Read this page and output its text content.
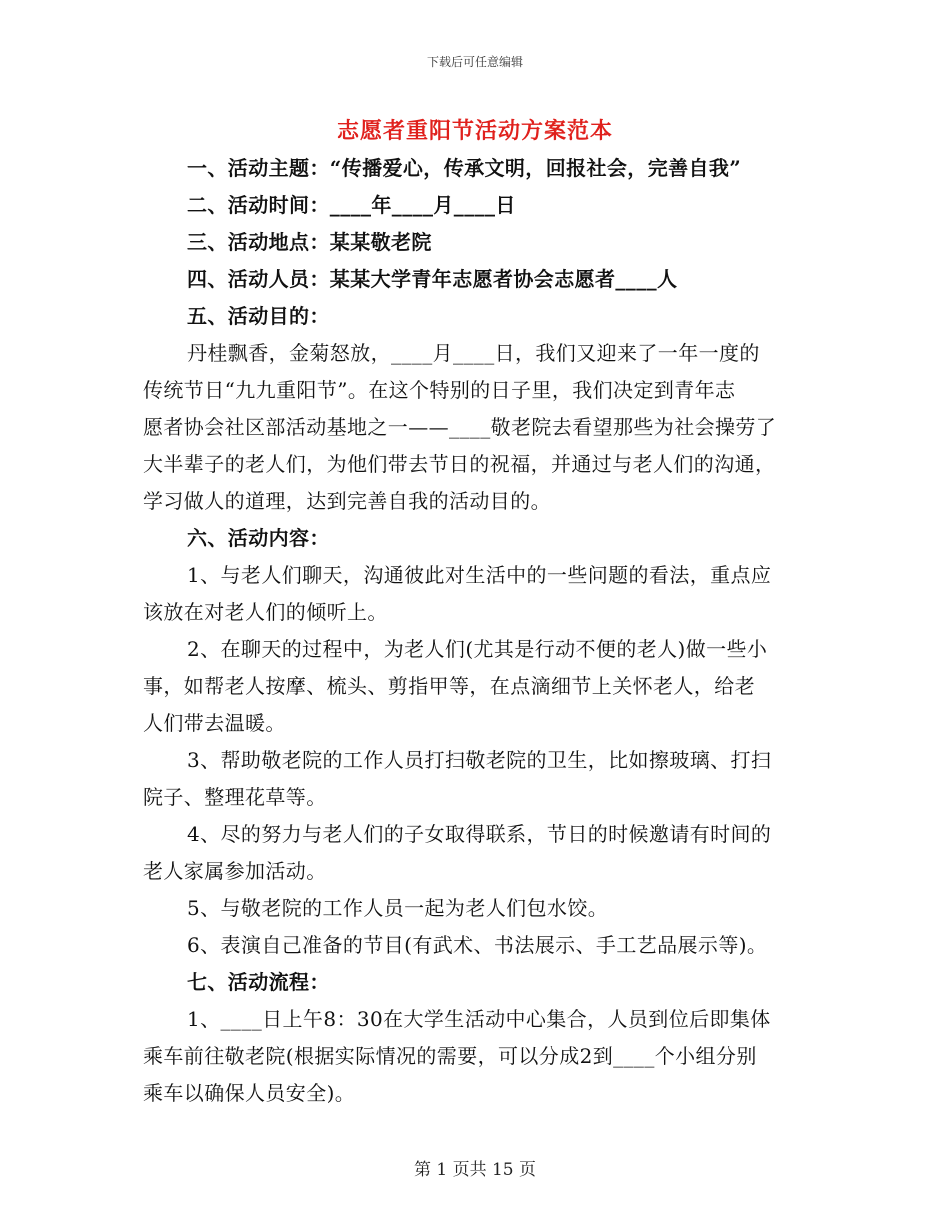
下载后可任意编辑
志愿者重阳节活动方案范本
一、活动主题：“传播爱心，传承文明，回报社会，完善自我”
二、活动时间：____年____月____日
三、活动地点：某某敬老院
四、活动人员：某某大学青年志愿者协会志愿者____人
五、活动目的：
丹桂飘香，金菊怒放，____月____日，我们又迎来了一年一度的
传统节日“九九重阳节”。在这个特别的日子里，我们决定到青年志
愿者协会社区部活动基地之一——____敬老院去看望那些为社会操劳了
大半辈子的老人们，为他们带去节日的祝福，并通过与老人们的沟通，
学习做人的道理，达到完善自我的活动目的。
六、活动内容：
1、与老人们聊天，沟通彼此对生活中的一些问题的看法，重点应
该放在对老人们的倾听上。
2、在聊天的过程中，为老人们(尤其是行动不便的老人)做一些小
事，如帮老人按摩、梳头、剪指甲等，在点滴细节上关怀老人，给老
人们带去温暖。
3、帮助敬老院的工作人员打扫敬老院的卫生，比如擦玻璃、打扫
院子、整理花草等。
4、尽的努力与老人们的子女取得联系，节日的时候邀请有时间的
老人家属参加活动。
5、与敬老院的工作人员一起为老人们包水饺。
6、表演自己准备的节目(有武术、书法展示、手工艺品展示等)。
七、活动流程：
1、____日上午8：30在大学生活动中心集合，人员到位后即集体
乘车前往敬老院(根据实际情况的需要，可以分成2到____个小组分别
乘车以确保人员安全)。
第 1 页共 15 页
